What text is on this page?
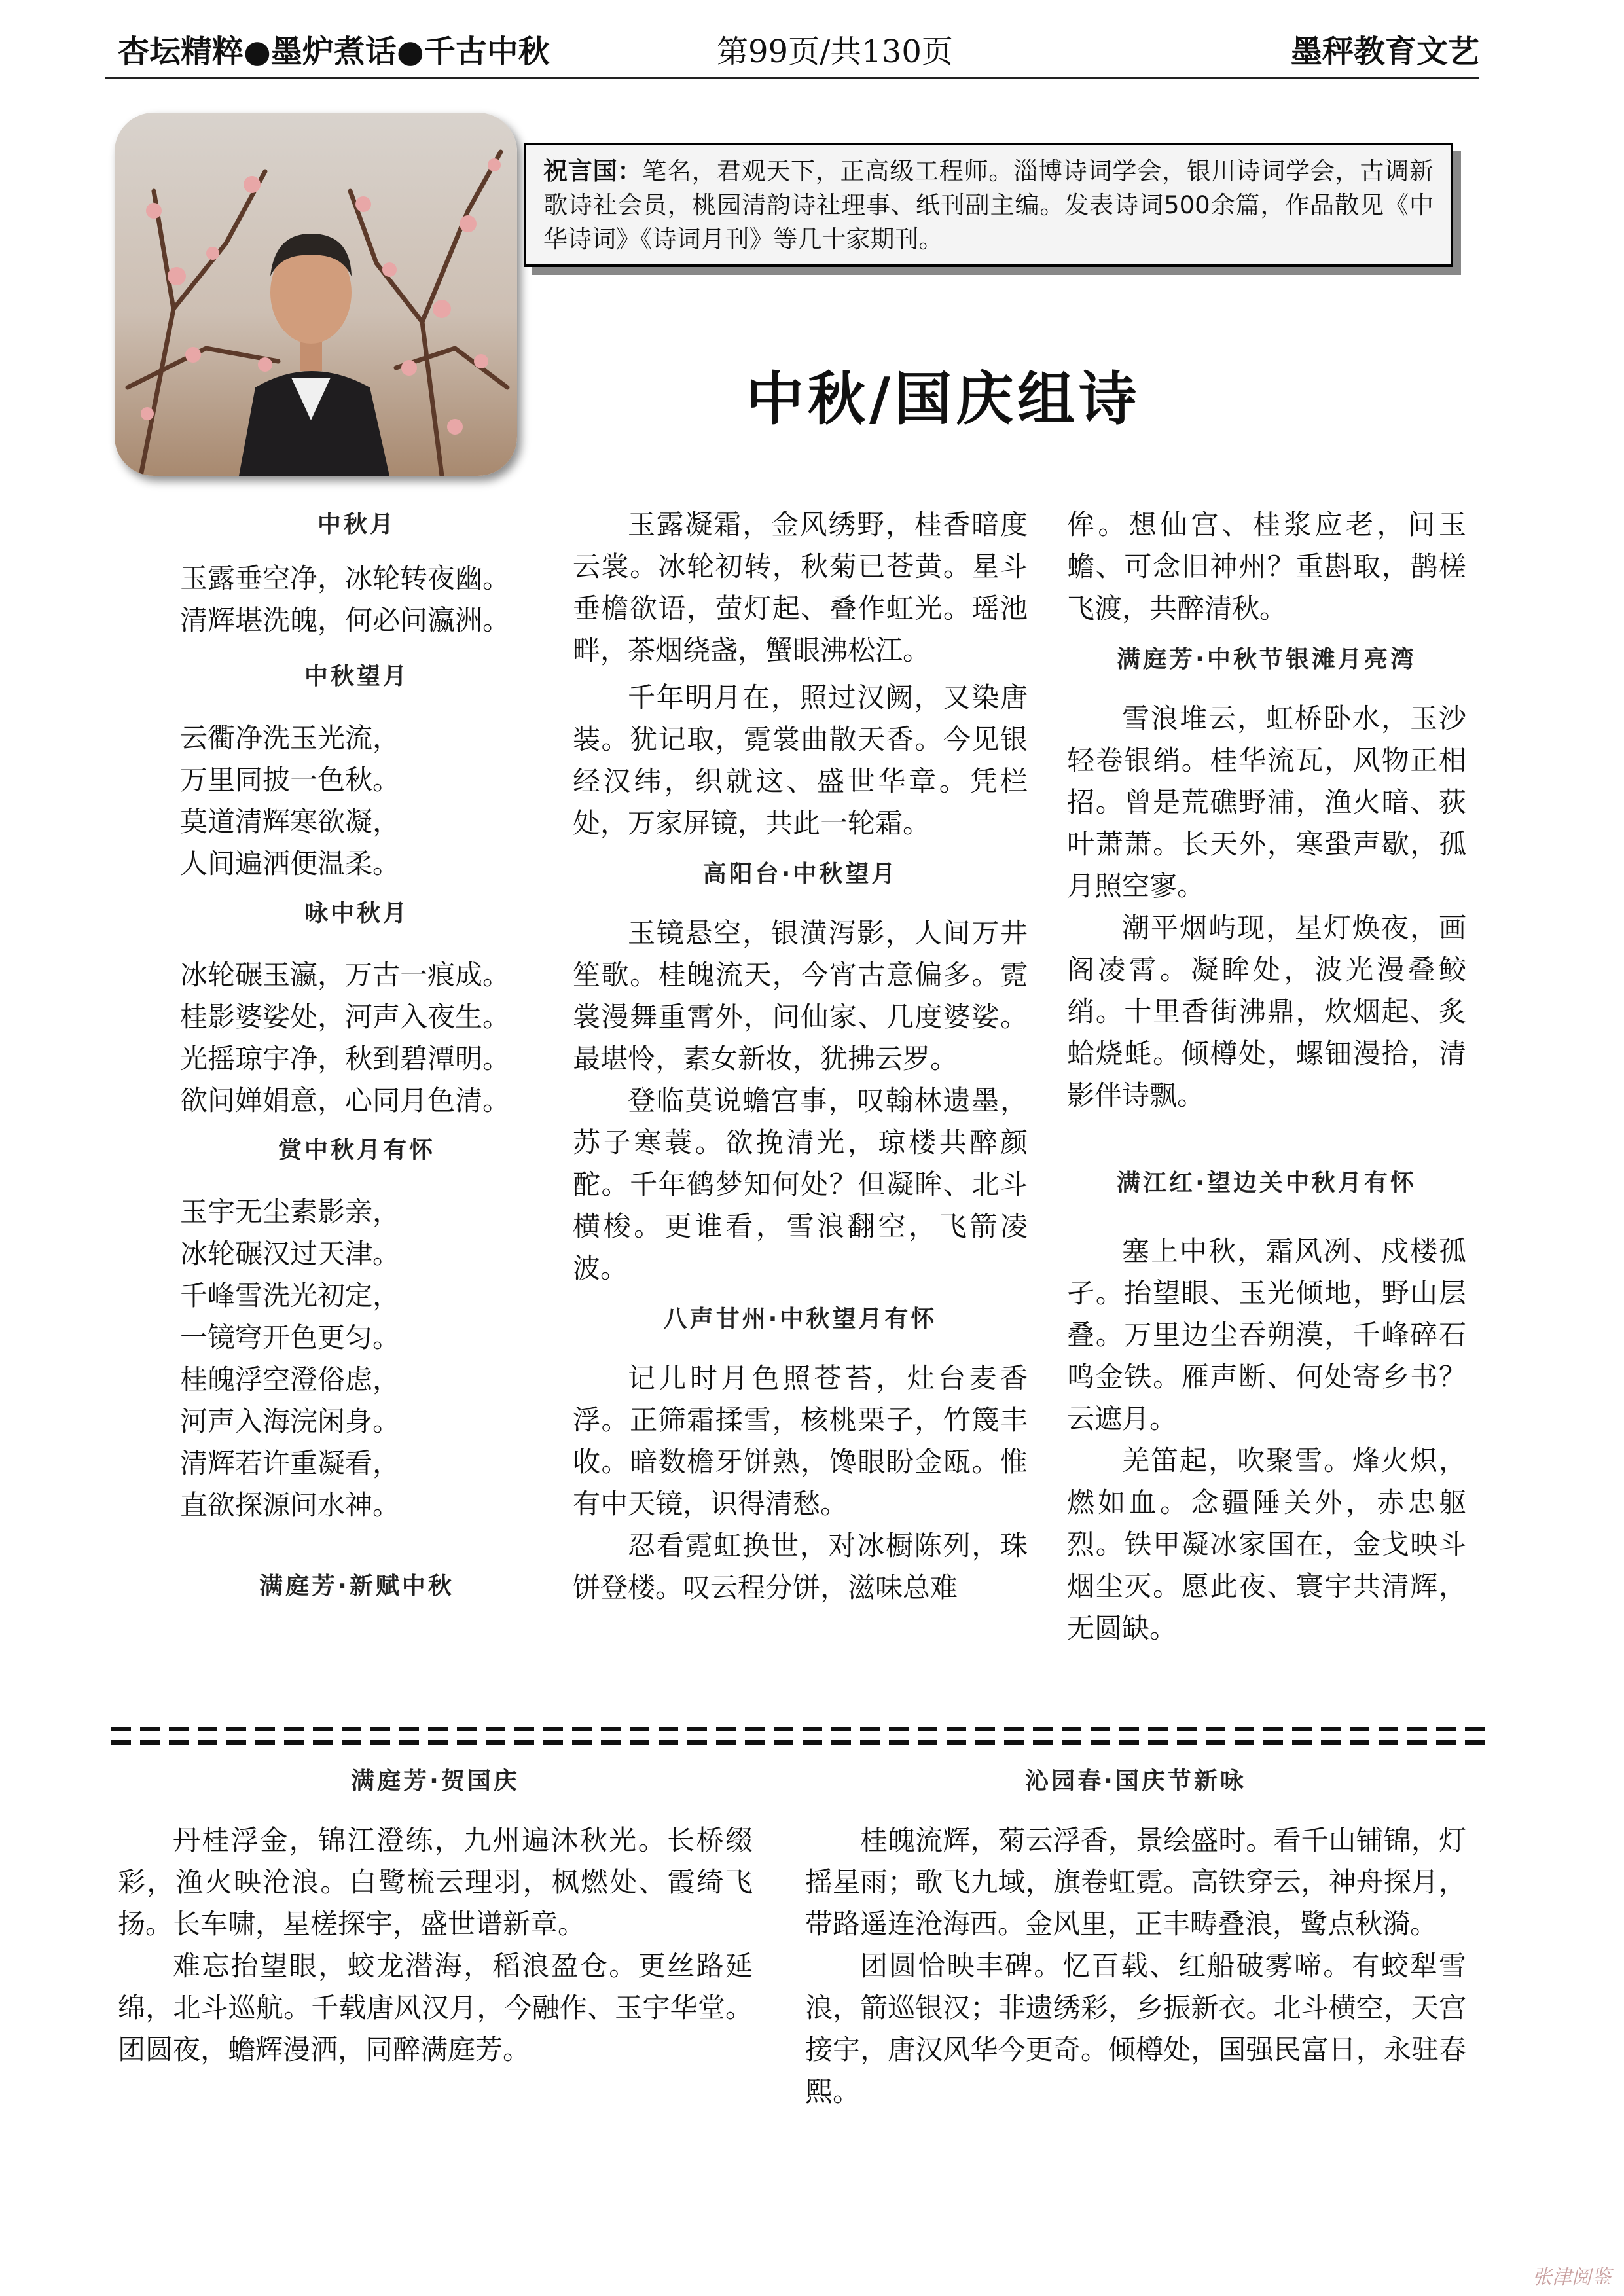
杏坛精粹●墨炉煮话●千古中秋	第99页/共130页	墨秤教育文艺
祝言国：笔名，君观天下，正高级工程师。淄博诗词学会，银川诗词学会，古调新歌诗社会员，桃园清韵诗社理事、纸刊副主编。发表诗词500余篇，作品散见《中华诗词》《诗词月刊》等几十家期刊。
中秋/国庆组诗

中秋月

玉露垂空净，冰轮转夜幽。

清辉堪洗魄，何必问瀛洲。

中秋望月

云衢净洗玉光流，

万里同披一色秋。

莫道清辉寒欲凝，

人间遍洒便温柔。

咏中秋月

冰轮碾玉瀛，万古一痕成。

桂影婆娑处，河声入夜生。

光摇琼宇净，秋到碧潭明。

欲问婵娟意，心同月色清。

赏中秋月有怀

玉宇无尘素影亲，

冰轮碾汉过天津。

千峰雪洗光初定，

一镜穹开色更匀。

桂魄浮空澄俗虑，

河声入海浣闲身。

清辉若许重凝看，

直欲探源问水神。

满庭芳·新赋中秋

玉露凝霜，金风绣野，桂香暗度云裳。冰轮初转，秋菊已苍黄。星斗垂檐欲语，萤灯起、叠作虹光。瑶池畔，茶烟绕盏，蟹眼沸松江。

千年明月在，照过汉阙，又染唐装。犹记取，霓裳曲散天香。今见银经汉纬，织就这、盛世华章。凭栏处，万家屏镜，共此一轮霜。

高阳台·中秋望月

玉镜悬空，银潢泻影，人间万井笙歌。桂魄流天，今宵古意偏多。霓裳漫舞重霄外，问仙家、几度婆娑。最堪怜，素女新妆，犹拂云罗。

登临莫说蟾宫事，叹翰林遗墨，苏子寒蓑。欲挽清光，琼楼共醉颜酡。千年鹤梦知何处？但凝眸、北斗横梭。更谁看，雪浪翻空，飞箭凌波。

八声甘州·中秋望月有怀

记儿时月色照苍苔，灶台麦香浮。正筛霜揉雪，核桃栗子，竹篾丰收。暗数檐牙饼熟，馋眼盼金瓯。惟有中天镜，识得清愁。

忍看霓虹换世，对冰橱陈列，珠饼登楼。叹云程分饼，滋味总难

侔。想仙宫、桂浆应老，问玉蟾、可念旧神州？重斟取，鹊槎飞渡，共醉清秋。

满庭芳·中秋节银滩月亮湾

雪浪堆云，虹桥卧水，玉沙轻卷银绡。桂华流瓦，风物正相招。曾是荒礁野浦，渔火暗、荻叶萧萧。长天外，寒蛩声歇，孤月照空寥。

潮平烟屿现，星灯焕夜，画阁凌霄。凝眸处，波光漫叠鲛绡。十里香街沸鼎，炊烟起、炙蛤烧蚝。倾樽处，螺钿漫拾，清影伴诗飘。

满江红·望边关中秋月有怀

塞上中秋，霜风冽、戍楼孤孑。抬望眼、玉光倾地，野山层叠。万里边尘吞朔漠，千峰碎石鸣金铁。雁声断、何处寄乡书？云遮月。

羌笛起，吹聚雪。烽火炽，燃如血。念疆陲关外，赤忠躯烈。铁甲凝冰家国在，金戈映斗烟尘灭。愿此夜、寰宇共清辉，无圆缺。

满庭芳·贺国庆

丹桂浮金，锦江澄练，九州遍沐秋光。长桥缀彩，渔火映沧浪。白鹭梳云理羽，枫燃处、霞绮飞扬。长车啸，星槎探宇，盛世谱新章。

难忘抬望眼，蛟龙潜海，稻浪盈仓。更丝路延绵，北斗巡航。千载唐风汉月，今融作、玉宇华堂。团圆夜，蟾辉漫洒，同醉满庭芳。

沁园春·国庆节新咏

桂魄流辉，菊云浮香，景绘盛时。看千山铺锦，灯摇星雨；歌飞九域，旗卷虹霓。高铁穿云，神舟探月，带路遥连沧海西。金风里，正丰畴叠浪，鹭点秋漪。

团圆恰映丰碑。忆百载、红船破雾啼。有蛟犁雪浪，箭巡银汉；非遗绣彩，乡振新衣。北斗横空，天宫接宇，唐汉风华今更奇。倾樽处，国强民富日，永驻春熙。

张津阅鉴
